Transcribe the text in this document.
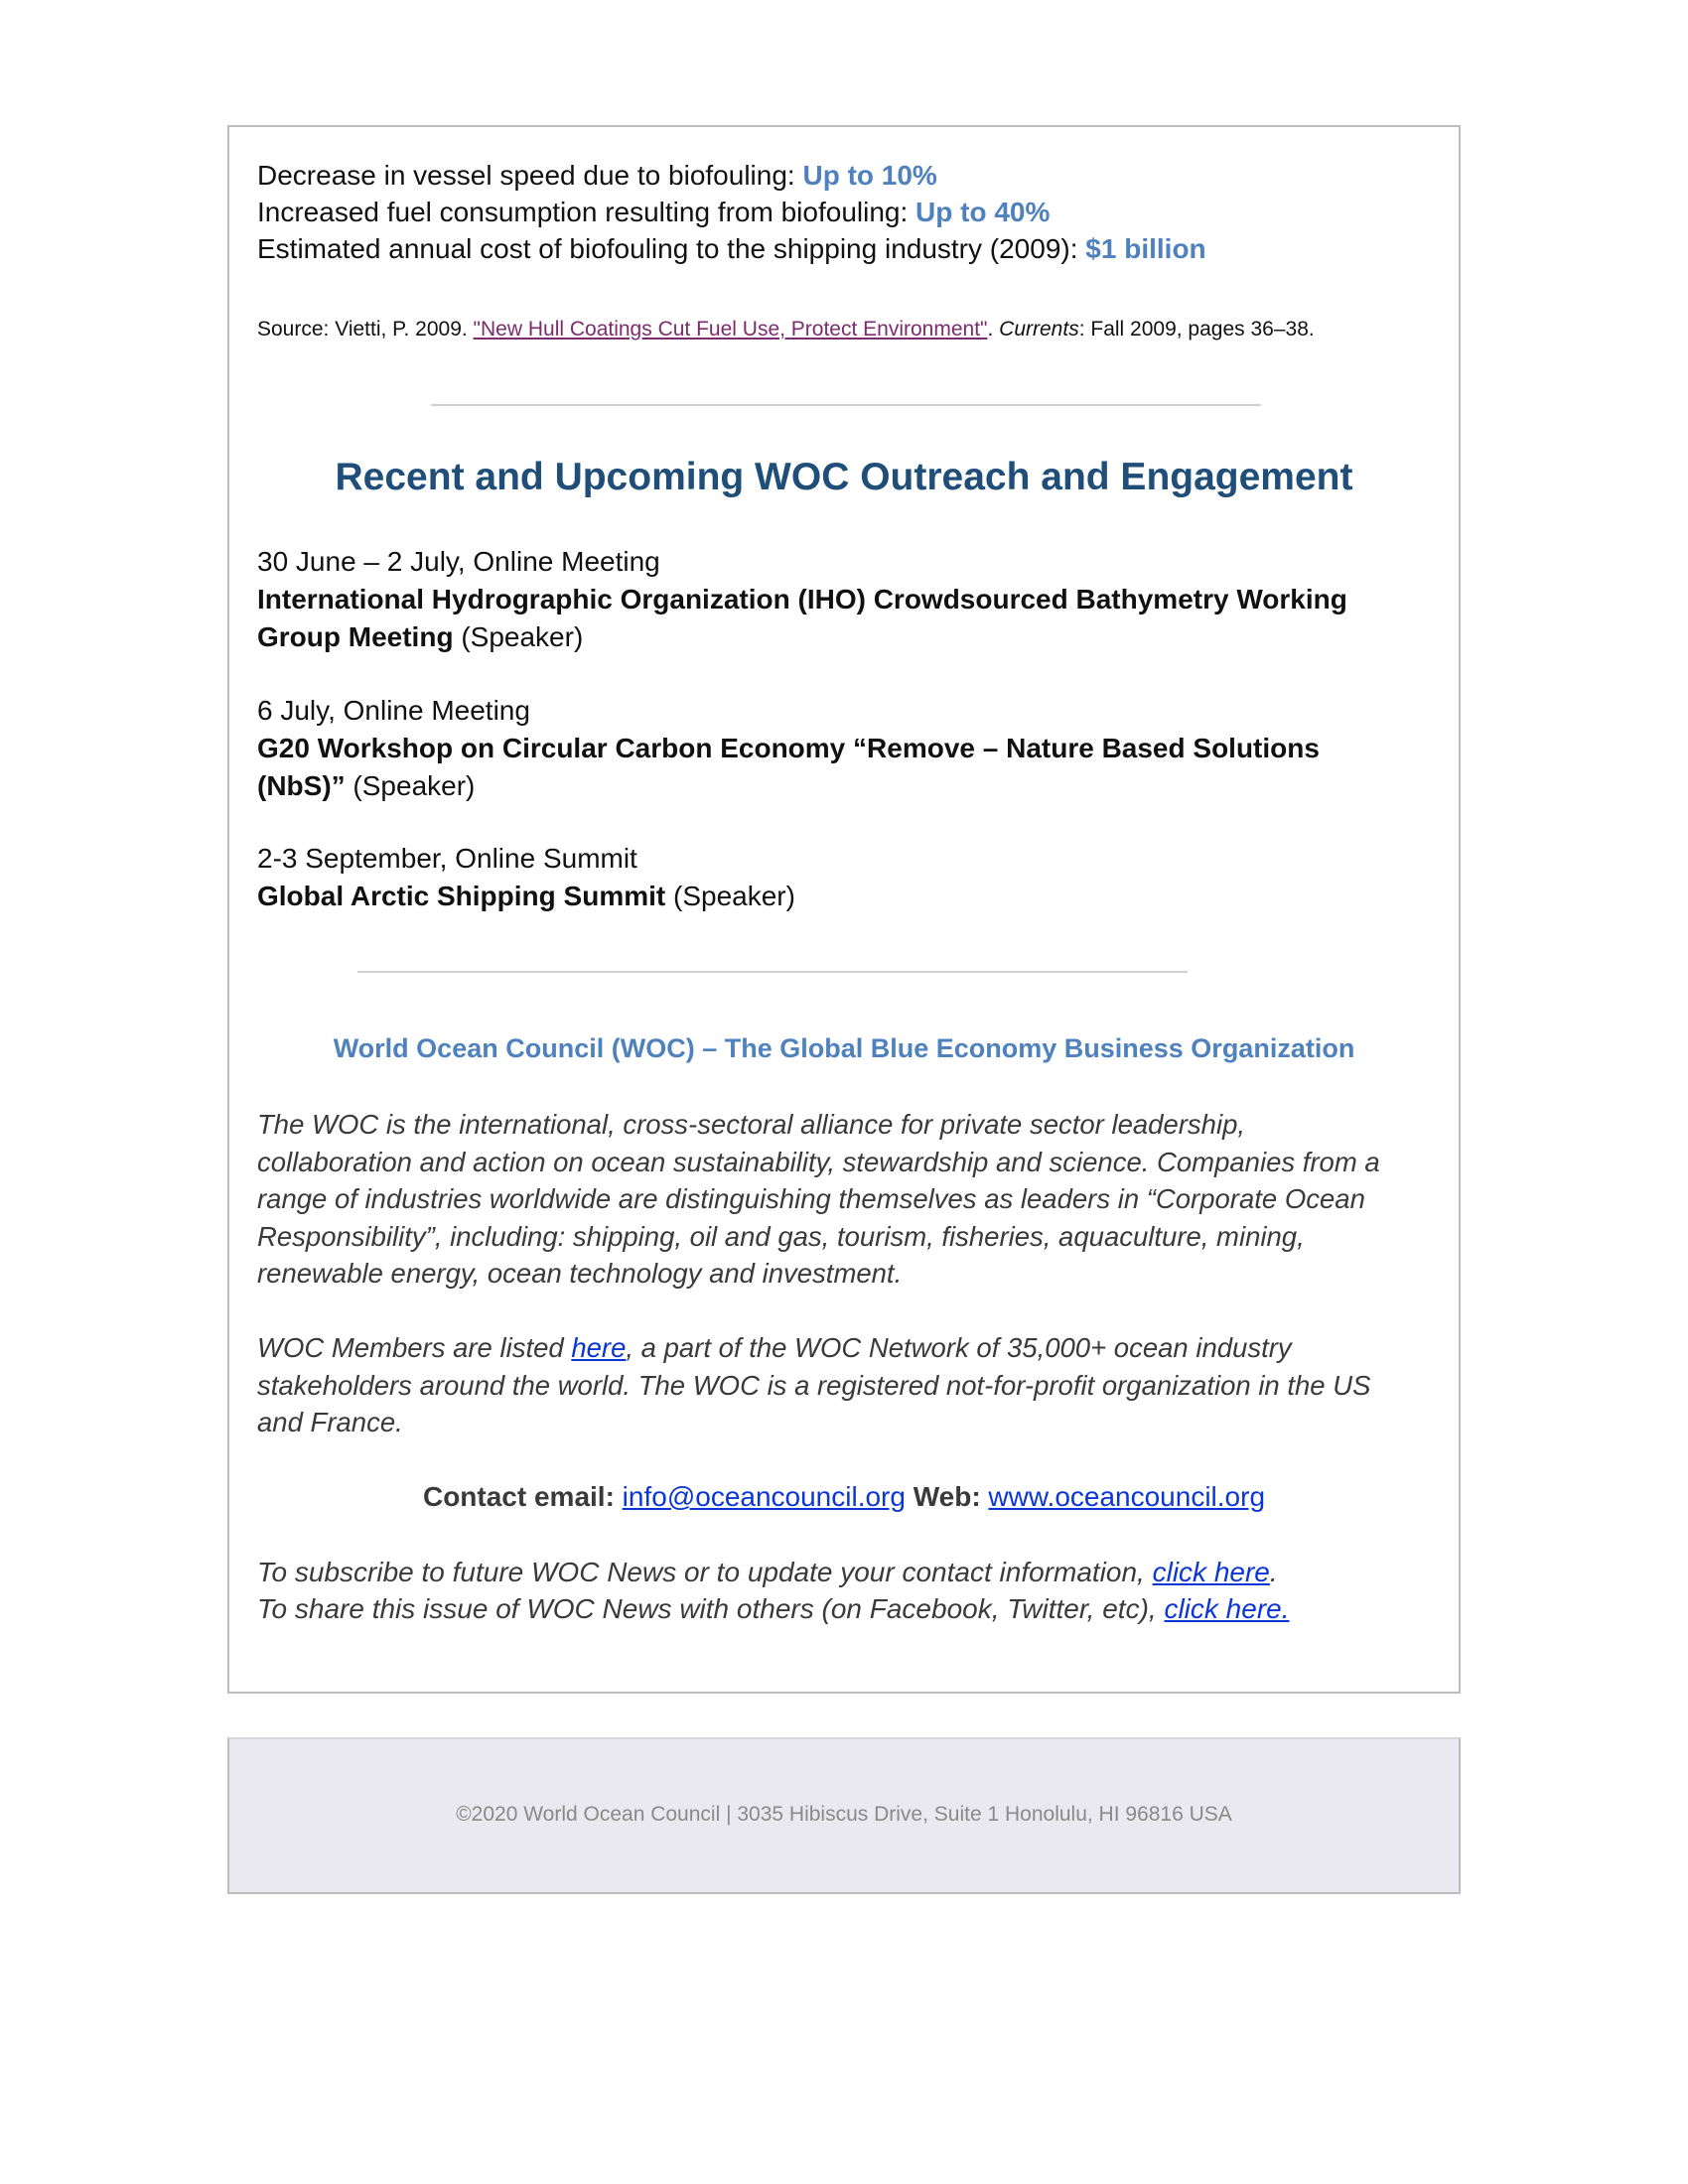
Decrease in vessel speed due to biofouling: Up to 10%

Increased fuel consumption resulting from biofouling: Up to 40%

Estimated annual cost of biofouling to the shipping industry (2009): $1 billion

Source: Vietti, P. 2009. "New Hull Coatings Cut Fuel Use, Protect Environment". Currents: Fall 2009, pages 36–38.

Recent and Upcoming WOC Outreach and Engagement
30 June – 2 July, Online Meeting
International Hydrographic Organization (IHO) Crowdsourced Bathymetry Working Group Meeting (Speaker)
6 July, Online Meeting
G20 Workshop on Circular Carbon Economy “Remove – Nature Based Solutions (NbS)” (Speaker)
2-3 September, Online Summit
Global Arctic Shipping Summit (Speaker)
World Ocean Council (WOC) – The Global Blue Economy Business Organization

The WOC is the international, cross-sectoral alliance for private sector leadership, collaboration and action on ocean sustainability, stewardship and science. Companies from a range of industries worldwide are distinguishing themselves as leaders in “Corporate Ocean Responsibility”, including: shipping, oil and gas, tourism, fisheries, aquaculture, mining, renewable energy, ocean technology and investment.

WOC Members are listed here, a part of the WOC Network of 35,000+ ocean industry stakeholders around the world. The WOC is a registered not-for-profit organization in the US and France.

Contact email: info@oceancouncil.org Web: www.oceancouncil.org

To subscribe to future WOC News or to update your contact information, click here.

To share this issue of WOC News with others (on Facebook, Twitter, etc), click here.

©2020 World Ocean Council | 3035 Hibiscus Drive, Suite 1 Honolulu, HI 96816 USA
